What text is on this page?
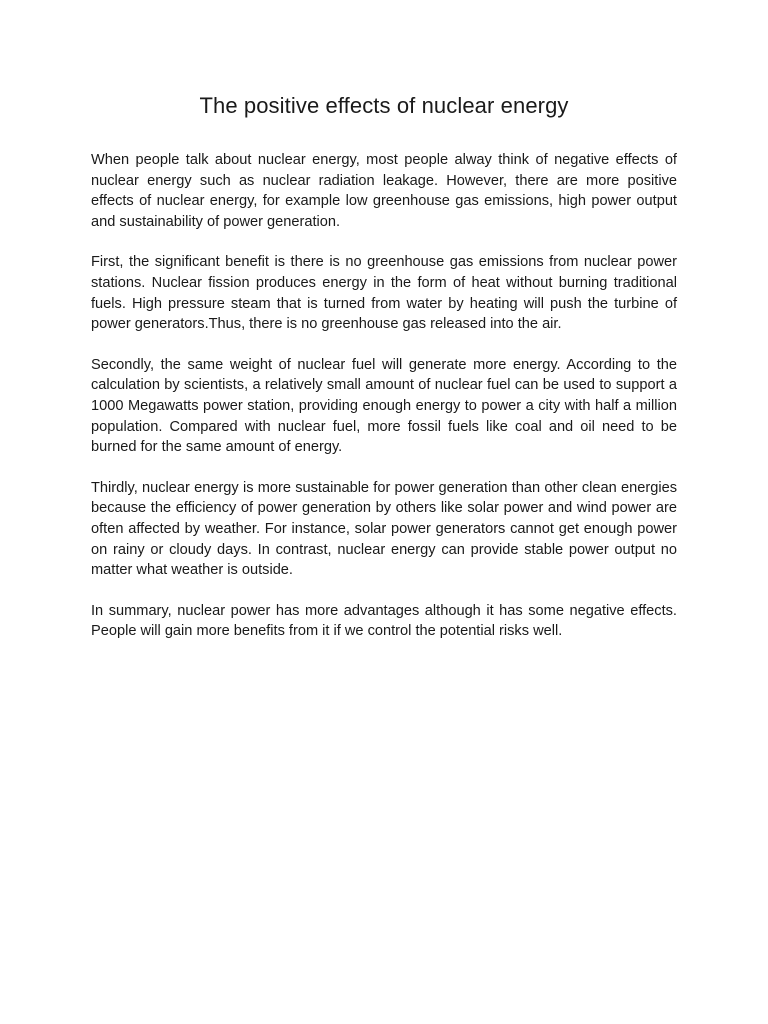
The positive effects of nuclear energy

When people talk about nuclear energy, most people alway think of negative effects of nuclear energy such as nuclear radiation leakage. However, there are more positive effects of nuclear energy, for example low greenhouse gas emissions, high power output and sustainability of power generation.

First, the significant benefit is there is no greenhouse gas emissions from nuclear power stations. Nuclear fission produces energy in the form of heat without burning traditional fuels. High pressure steam that is turned from water by heating will push the turbine of power generators.Thus, there is no greenhouse gas released into the air.

Secondly, the same weight of nuclear fuel will generate more energy. According to the calculation by scientists, a relatively small amount of nuclear fuel can be used to support a 1000 Megawatts power station, providing enough energy to power a city with half a million population. Compared with nuclear fuel, more fossil fuels like coal and oil need to be burned for the same amount of energy.

Thirdly, nuclear energy is more sustainable for power generation than other clean energies because the efficiency of power generation by others like solar power and wind power are often affected by weather. For instance, solar power generators cannot get enough power on rainy or cloudy days. In contrast, nuclear energy can provide stable power output no matter what weather is outside.

In summary, nuclear power has more advantages although it has some negative effects. People will gain more benefits from it if we control the potential risks well.
